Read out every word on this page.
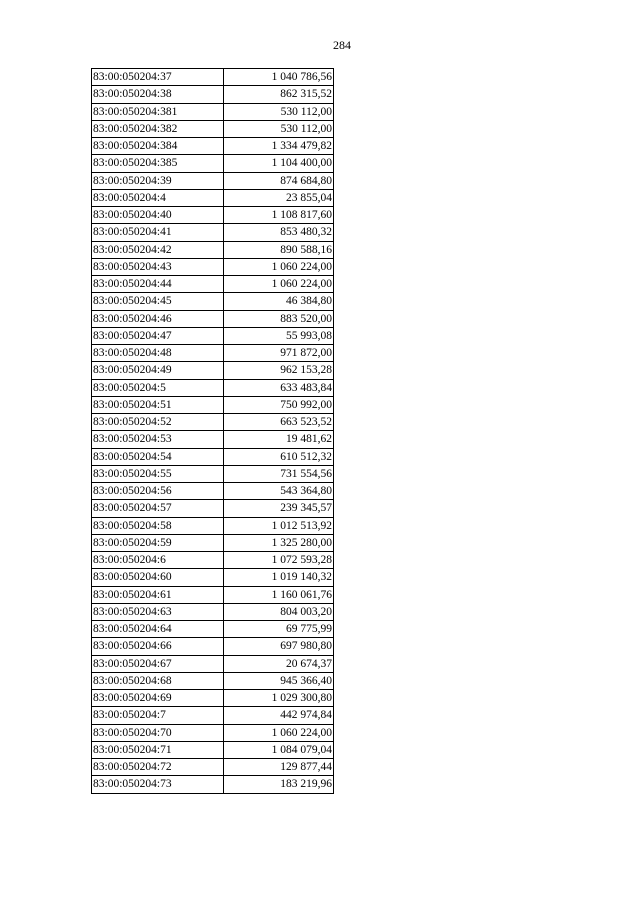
284
83:00:050204:37	1 040 786,56
83:00:050204:38	862 315,52
83:00:050204:381	530 112,00
83:00:050204:382	530 112,00
83:00:050204:384	1 334 479,82
83:00:050204:385	1 104 400,00
83:00:050204:39	874 684,80
83:00:050204:4	23 855,04
83:00:050204:40	1 108 817,60
83:00:050204:41	853 480,32
83:00:050204:42	890 588,16
83:00:050204:43	1 060 224,00
83:00:050204:44	1 060 224,00
83:00:050204:45	46 384,80
83:00:050204:46	883 520,00
83:00:050204:47	55 993,08
83:00:050204:48	971 872,00
83:00:050204:49	962 153,28
83:00:050204:5	633 483,84
83:00:050204:51	750 992,00
83:00:050204:52	663 523,52
83:00:050204:53	19 481,62
83:00:050204:54	610 512,32
83:00:050204:55	731 554,56
83:00:050204:56	543 364,80
83:00:050204:57	239 345,57
83:00:050204:58	1 012 513,92
83:00:050204:59	1 325 280,00
83:00:050204:6	1 072 593,28
83:00:050204:60	1 019 140,32
83:00:050204:61	1 160 061,76
83:00:050204:63	804 003,20
83:00:050204:64	69 775,99
83:00:050204:66	697 980,80
83:00:050204:67	20 674,37
83:00:050204:68	945 366,40
83:00:050204:69	1 029 300,80
83:00:050204:7	442 974,84
83:00:050204:70	1 060 224,00
83:00:050204:71	1 084 079,04
83:00:050204:72	129 877,44
83:00:050204:73	183 219,96
